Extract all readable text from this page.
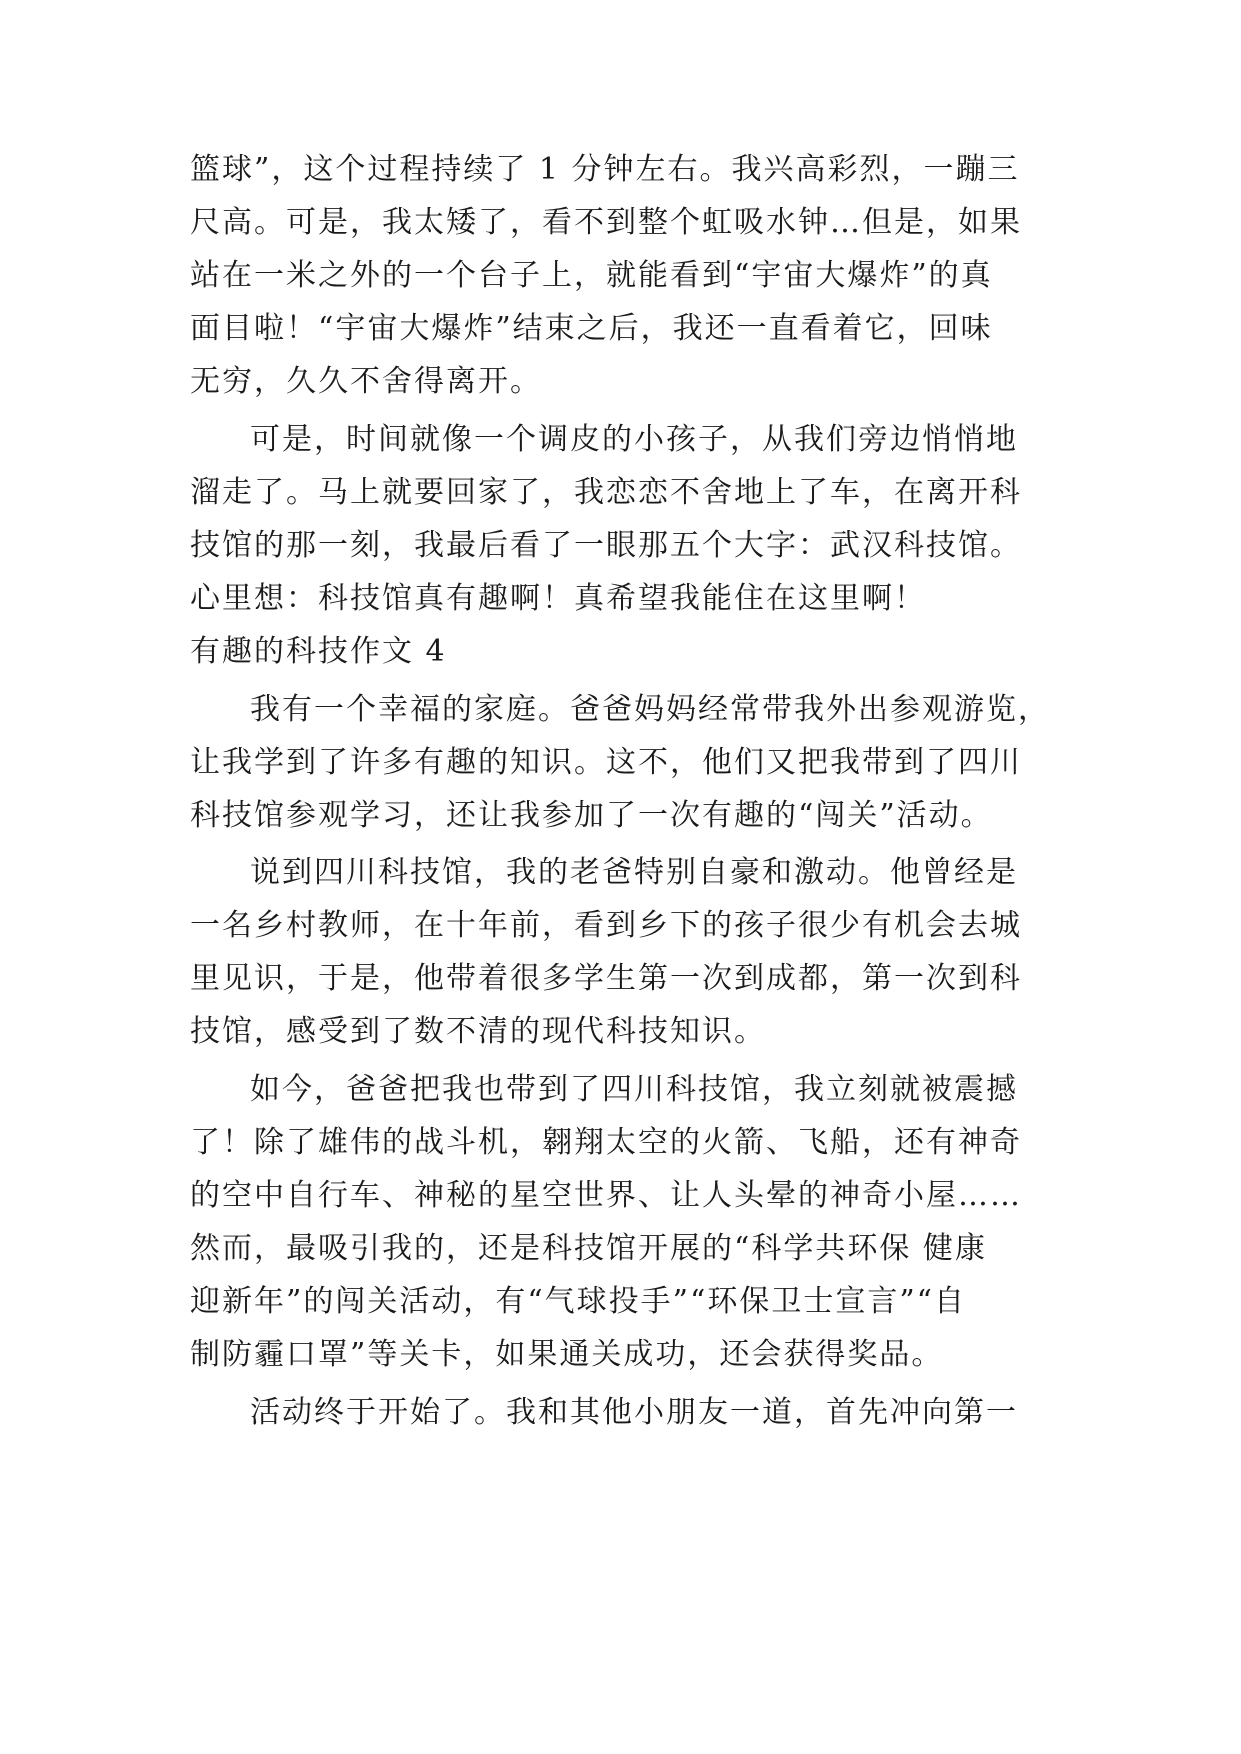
篮球”，这个过程持续了 1 分钟左右。我兴高彩烈，一蹦三
尺高。可是，我太矮了，看不到整个虹吸水钟…但是，如果
站在一米之外的一个台子上，就能看到“宇宙大爆炸”的真
面目啦！“宇宙大爆炸”结束之后，我还一直看着它，回味
无穷，久久不舍得离开。
可是，时间就像一个调皮的小孩子，从我们旁边悄悄地
溜走了。马上就要回家了，我恋恋不舍地上了车，在离开科
技馆的那一刻，我最后看了一眼那五个大字：武汉科技馆。
心里想：科技馆真有趣啊！真希望我能住在这里啊！
有趣的科技作文 4
我有一个幸福的家庭。爸爸妈妈经常带我外出参观游览，
让我学到了许多有趣的知识。这不，他们又把我带到了四川
科技馆参观学习，还让我参加了一次有趣的“闯关”活动。
说到四川科技馆，我的老爸特别自豪和激动。他曾经是
一名乡村教师，在十年前，看到乡下的孩子很少有机会去城
里见识，于是，他带着很多学生第一次到成都，第一次到科
技馆，感受到了数不清的现代科技知识。
如今，爸爸把我也带到了四川科技馆，我立刻就被震撼
了！除了雄伟的战斗机，翱翔太空的火箭、飞船，还有神奇
的空中自行车、神秘的星空世界、让人头晕的神奇小屋……
然而，最吸引我的，还是科技馆开展的“科学共环保 健康
迎新年”的闯关活动，有“气球投手”“环保卫士宣言”“自
制防霾口罩”等关卡，如果通关成功，还会获得奖品。
活动终于开始了。我和其他小朋友一道，首先冲向第一
